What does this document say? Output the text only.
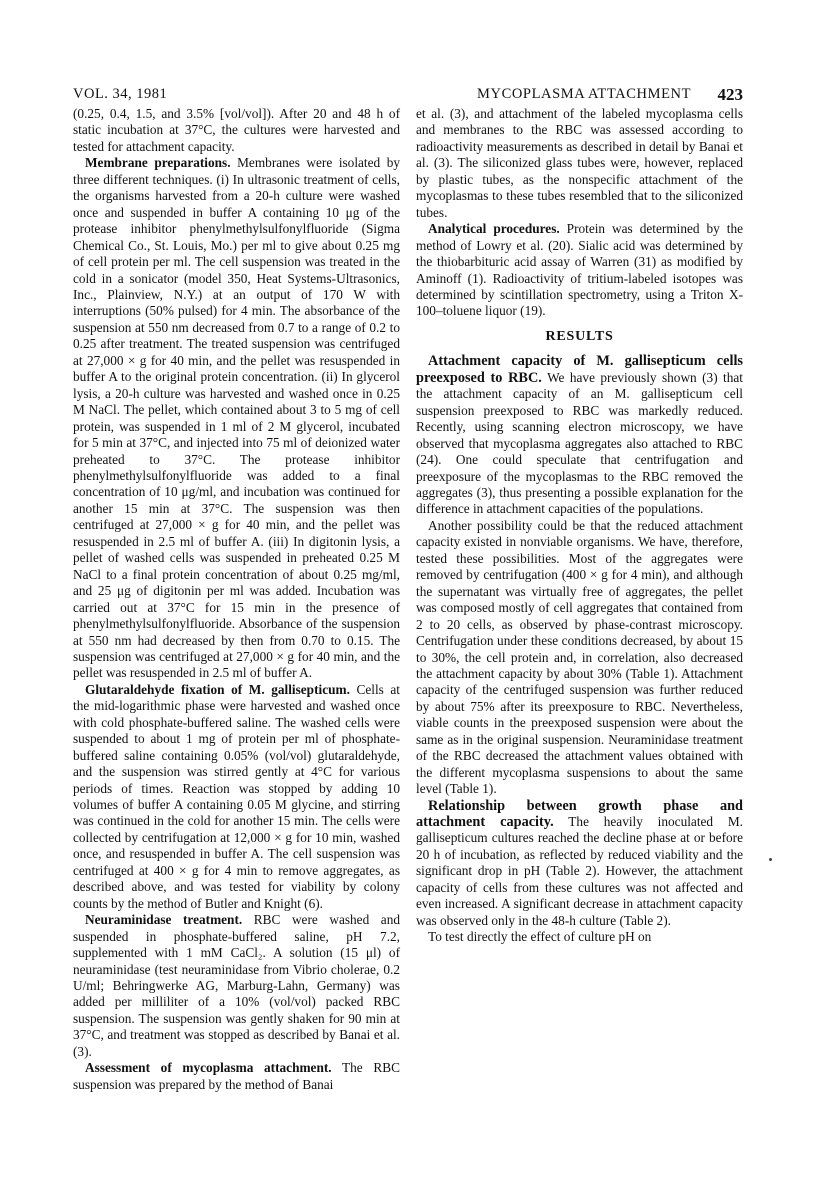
VOL. 34, 1981	MYCOPLASMA ATTACHMENT 423

(0.25, 0.4, 1.5, and 3.5% [vol/vol]). After 20 and 48 h of static incubation at 37°C, the cultures were harvested and tested for attachment capacity.

Membrane preparations. Membranes were isolated by three different techniques. (i) In ultrasonic treatment of cells, the organisms harvested from a 20-h culture were washed once and suspended in buffer A containing 10 μg of the protease inhibitor phenylmethylsulfonylfluoride (Sigma Chemical Co., St. Louis, Mo.) per ml to give about 0.25 mg of cell protein per ml. The cell suspension was treated in the cold in a sonicator (model 350, Heat Systems-Ultrasonics, Inc., Plainview, N.Y.) at an output of 170 W with interruptions (50% pulsed) for 4 min. The absorbance of the suspension at 550 nm decreased from 0.7 to a range of 0.2 to 0.25 after treatment. The treated suspension was centrifuged at 27,000 × g for 40 min, and the pellet was resuspended in buffer A to the original protein concentration. (ii) In glycerol lysis, a 20-h culture was harvested and washed once in 0.25 M NaCl. The pellet, which contained about 3 to 5 mg of cell protein, was suspended in 1 ml of 2 M glycerol, incubated for 5 min at 37°C, and injected into 75 ml of deionized water preheated to 37°C. The protease inhibitor phenylmethylsulfonylfluoride was added to a final concentration of 10 μg/ml, and incubation was continued for another 15 min at 37°C. The suspension was then centrifuged at 27,000 × g for 40 min, and the pellet was resuspended in 2.5 ml of buffer A. (iii) In digitonin lysis, a pellet of washed cells was suspended in preheated 0.25 M NaCl to a final protein concentration of about 0.25 mg/ml, and 25 μg of digitonin per ml was added. Incubation was carried out at 37°C for 15 min in the presence of phenylmethylsulfonylfluoride. Absorbance of the suspension at 550 nm had decreased by then from 0.70 to 0.15. The suspension was centrifuged at 27,000 × g for 40 min, and the pellet was resuspended in 2.5 ml of buffer A.

Glutaraldehyde fixation of M. gallisepticum. Cells at the mid-logarithmic phase were harvested and washed once with cold phosphate-buffered saline. The washed cells were suspended to about 1 mg of protein per ml of phosphate-buffered saline containing 0.05% (vol/vol) glutaraldehyde, and the suspension was stirred gently at 4°C for various periods of times. Reaction was stopped by adding 10 volumes of buffer A containing 0.05 M glycine, and stirring was continued in the cold for another 15 min. The cells were collected by centrifugation at 12,000 × g for 10 min, washed once, and resuspended in buffer A. The cell suspension was centrifuged at 400 × g for 4 min to remove aggregates, as described above, and was tested for viability by colony counts by the method of Butler and Knight (6).

Neuraminidase treatment. RBC were washed and suspended in phosphate-buffered saline, pH 7.2, supplemented with 1 mM CaCl₂. A solution (15 μl) of neuraminidase (test neuraminidase from Vibrio cholerae, 0.2 U/ml; Behringwerke AG, Marburg-Lahn, Germany) was added per milliliter of a 10% (vol/vol) packed RBC suspension. The suspension was gently shaken for 90 min at 37°C, and treatment was stopped as described by Banai et al. (3).

Assessment of mycoplasma attachment. The RBC suspension was prepared by the method of Banai

et al. (3), and attachment of the labeled mycoplasma cells and membranes to the RBC was assessed according to radioactivity measurements as described in detail by Banai et al. (3). The siliconized glass tubes were, however, replaced by plastic tubes, as the nonspecific attachment of the mycoplasmas to these tubes resembled that to the siliconized tubes.

Analytical procedures. Protein was determined by the method of Lowry et al. (20). Sialic acid was determined by the thiobarbituric acid assay of Warren (31) as modified by Aminoff (1). Radioactivity of tritium-labeled isotopes was determined by scintillation spectrometry, using a Triton X-100–toluene liquor (19).

RESULTS

Attachment capacity of M. gallisepticum cells preexposed to RBC. We have previously shown (3) that the attachment capacity of an M. gallisepticum cell suspension preexposed to RBC was markedly reduced. Recently, using scanning electron microscopy, we have observed that mycoplasma aggregates also attached to RBC (24). One could speculate that centrifugation and preexposure of the mycoplasmas to the RBC removed the aggregates (3), thus presenting a possible explanation for the difference in attachment capacities of the populations.

Another possibility could be that the reduced attachment capacity existed in nonviable organisms. We have, therefore, tested these possibilities. Most of the aggregates were removed by centrifugation (400 × g for 4 min), and although the supernatant was virtually free of aggregates, the pellet was composed mostly of cell aggregates that contained from 2 to 20 cells, as observed by phase-contrast microscopy. Centrifugation under these conditions decreased, by about 15 to 30%, the cell protein and, in correlation, also decreased the attachment capacity by about 30% (Table 1). Attachment capacity of the centrifuged suspension was further reduced by about 75% after its preexposure to RBC. Nevertheless, viable counts in the preexposed suspension were about the same as in the original suspension. Neuraminidase treatment of the RBC decreased the attachment values obtained with the different mycoplasma suspensions to about the same level (Table 1).

Relationship between growth phase and attachment capacity. The heavily inoculated M. gallisepticum cultures reached the decline phase at or before 20 h of incubation, as reflected by reduced viability and the significant drop in pH (Table 2). However, the attachment capacity of cells from these cultures was not affected and even increased. A significant decrease in attachment capacity was observed only in the 48-h culture (Table 2).

To test directly the effect of culture pH on
